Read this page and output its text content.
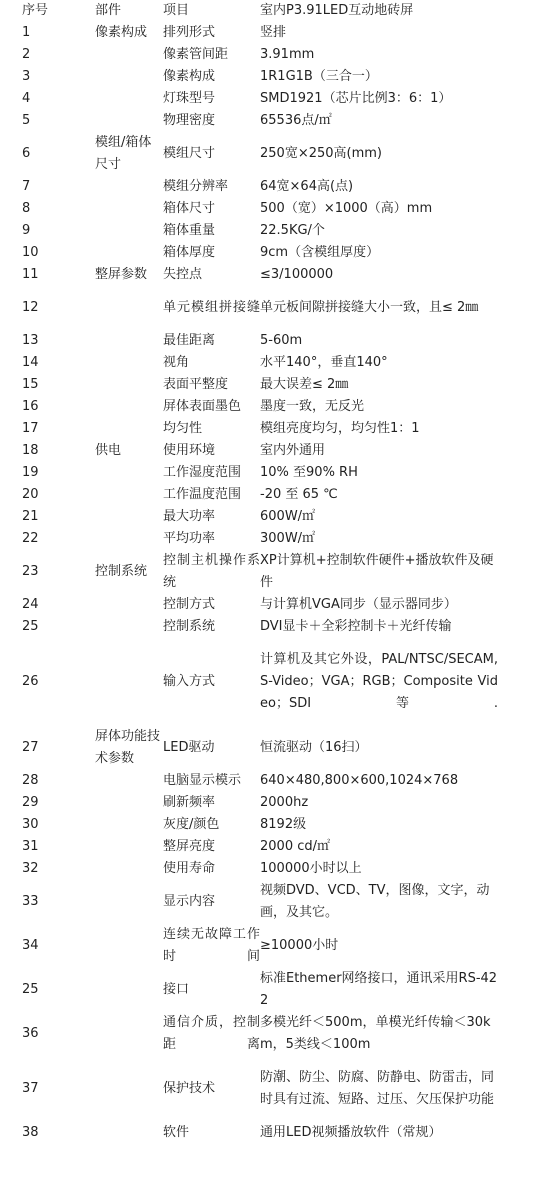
序号	部件	项目	室内P3.91LED互动地砖屏
1	像素构成	排列形式	竖排
2		像素管间距	3.91mm
3		像素构成	1R1G1B（三合一）
4		灯珠型号	SMD1921（芯片比例3：6：1）
5		物理密度	65536点/㎡
6	模组/箱体尺寸	模组尺寸	250宽×250高(mm)
7		模组分辨率	64宽×64高(点)
8		箱体尺寸	500（宽）×1000（高）mm
9		箱体重量	22.5KG/个
10		箱体厚度	9cm（含模组厚度）
11	整屏参数	失控点	≤3/100000
12		单元模组拼接缝	单元板间隙拼接缝大小一致，且≤ 2㎜
13		最佳距离	5-60m
14		视角	水平140°，垂直140°
15		表面平整度	最大误差≤ 2㎜
16		屏体表面墨色	墨度一致，无反光
17		均匀性	模组亮度均匀，均匀性1：1
18	供电	使用环境	室内外通用
19		工作湿度范围	10% 至90% RH
20		工作温度范围	-20 至 65 ℃
21		最大功率	600W/㎡
22		平均功率	300W/㎡
23	控制系统	控制主机操作系统	XP计算机+控制软件硬件+播放软件及硬件
24		控制方式	与计算机VGA同步（显示器同步）
25		控制系统	DVI显卡＋全彩控制卡＋光纤传输
26		输入方式	计算机及其它外设，PAL/NTSC/SECAM, S-Video；VGA；RGB；Composite Video；SDI等.
27	屏体功能技术参数	LED驱动	恒流驱动（16扫）
28		电脑显示模示	640×480,800×600,1024×768
29		刷新频率	2000hz
30		灰度/颜色	8192级
31		整屏亮度	2000 cd/㎡
32		使用寿命	100000小时以上
33		显示内容	视频DVD、VCD、TV，图像，文字，动画，及其它。
34		连续无故障工作时间	≥10000小时
25		接口	标准Ethemer网络接口，通讯采用RS-422
36		通信介质，控制距离	多模光纤＜500m，单模光纤传输＜30km，5类线＜100m
37		保护技术	防潮、防尘、防腐、防静电、防雷击，同时具有过流、短路、过压、欠压保护功能
38		软件	通用LED视频播放软件（常规）
